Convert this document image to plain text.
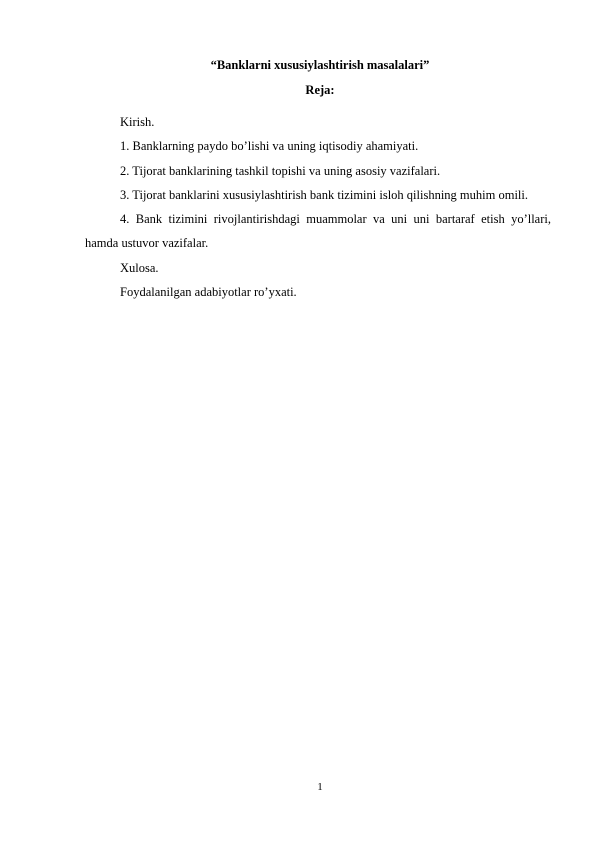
“Banklarni xususiylashtirish masalalari”
Reja:

Kirish.

1. Banklarning paydo bo’lishi va uning iqtisodiy ahamiyati.

2. Tijorat banklarining tashkil topishi va uning asosiy vazifalari.

3. Tijorat banklarini xususiylashtirish bank tizimini isloh qilishning muhim omili.

4. Bank tizimini rivojlantirishdagi muammolar va uni uni bartaraf etish yo’llari, hamda ustuvor vazifalar.

Xulosa.

Foydalanilgan adabiyotlar ro’yxati.

1
